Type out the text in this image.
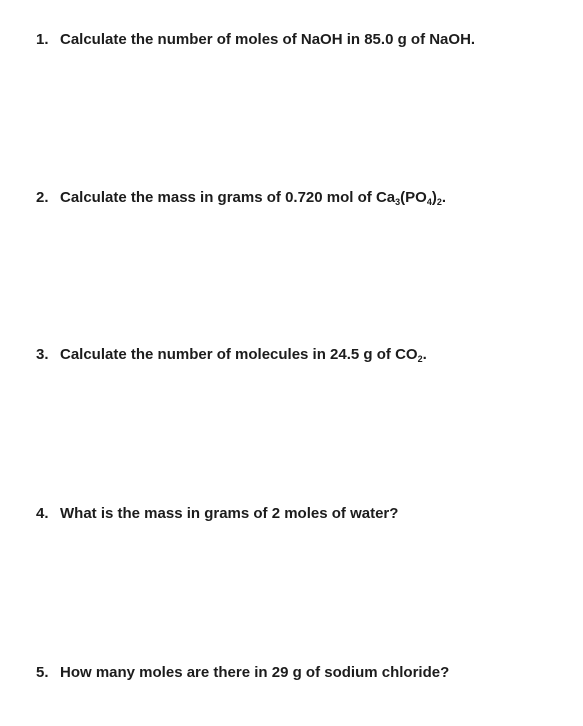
1. Calculate the number of moles of NaOH in 85.0 g of NaOH.
2. Calculate the mass in grams of 0.720 mol of $Ca_3(PO_4)_2$.
3. Calculate the number of molecules in 24.5 g of $CO_2$.
4. What is the mass in grams of 2 moles of water?
5. How many moles are there in 29 g of sodium chloride?
